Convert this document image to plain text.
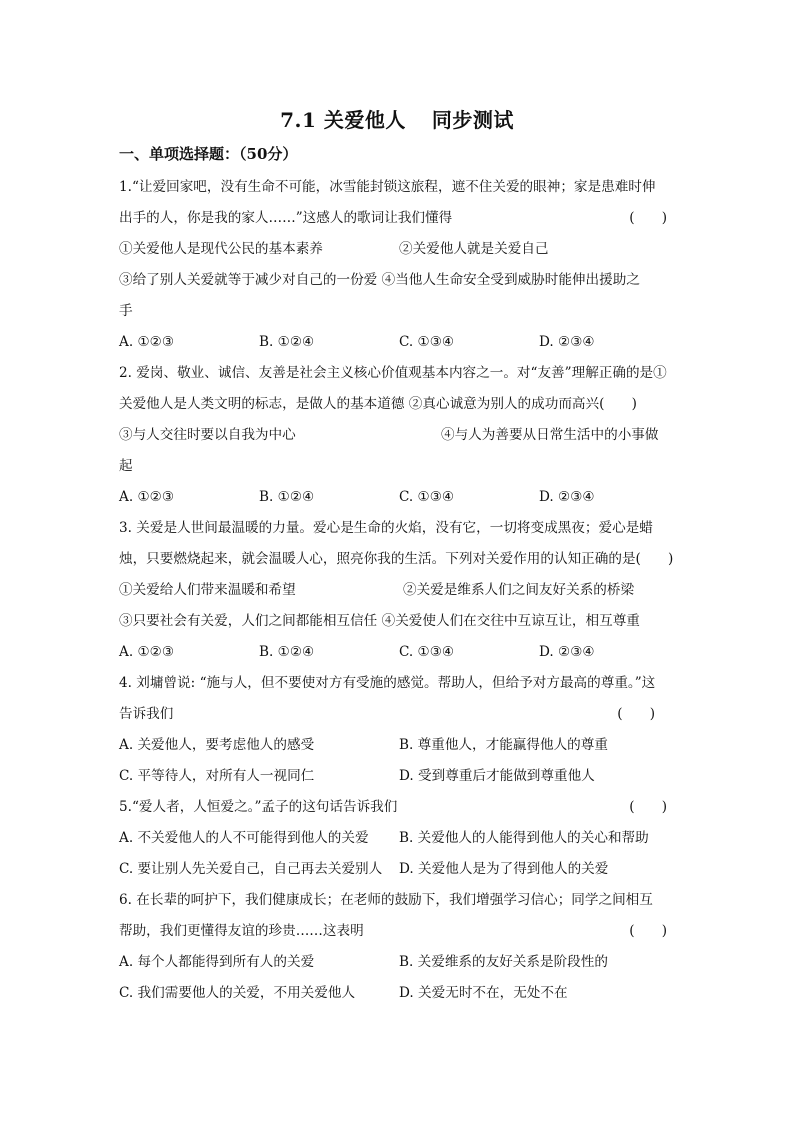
7.1 关爱他人 同步测试
一、单项选择题：（50分）
1.“让爱回家吧，没有生命不可能，冰雪能封锁这旅程，遮不住关爱的眼神；家是患难时伸
出手的人，你是我的家人……”这感人的歌词让我们懂得	(　　)
①关爱他人是现代公民的基本素养	②关爱他人就是关爱自己
③给了别人关爱就等于减少对自己的一份爱 ④当他人生命安全受到威胁时能伸出援助之
手
A. ①②③	B. ①②④	C. ①③④	D. ②③④
2. 爱岗、敬业、诚信、友善是社会主义核心价值观基本内容之一。对“友善”理解正确的是①
关爱他人是人类文明的标志，是做人的基本道德 ②真心诚意为别人的成功而高兴(　　)
③与人交往时要以自我为中心	④与人为善要从日常生活中的小事做
起
A. ①②③	B. ①②④	C. ①③④	D. ②③④
3. 关爱是人世间最温暖的力量。爱心是生命的火焰，没有它，一切将变成黑夜；爱心是蜡
烛，只要燃烧起来，就会温暖人心，照亮你我的生活。下列对关爱作用的认知正确的是(　　)
①关爱给人们带来温暖和希望	②关爱是维系人们之间友好关系的桥梁
③只要社会有关爱，人们之间都能相互信任 ④关爱使人们在交往中互谅互让，相互尊重
A. ①②③	B. ①②④	C. ①③④	D. ②③④
4. 刘墉曾说: “施与人，但不要使对方有受施的感觉。帮助人，但给予对方最高的尊重。”这
告诉我们	(　　)
A. 关爱他人，要考虑他人的感受	B. 尊重他人，才能赢得他人的尊重
C. 平等待人，对所有人一视同仁	D. 受到尊重后才能做到尊重他人
5.“爱人者，人恒爱之。”孟子的这句话告诉我们	(　　)
A. 不关爱他人的人不可能得到他人的关爱	B. 关爱他人的人能得到他人的关心和帮助
C. 要让别人先关爱自己，自己再去关爱别人	D. 关爱他人是为了得到他人的关爱
6. 在长辈的呵护下，我们健康成长；在老师的鼓励下，我们增强学习信心；同学之间相互
帮助，我们更懂得友谊的珍贵……这表明	(　　)
A. 每个人都能得到所有人的关爱	B. 关爱维系的友好关系是阶段性的
C. 我们需要他人的关爱，不用关爱他人	D. 关爱无时不在，无处不在
